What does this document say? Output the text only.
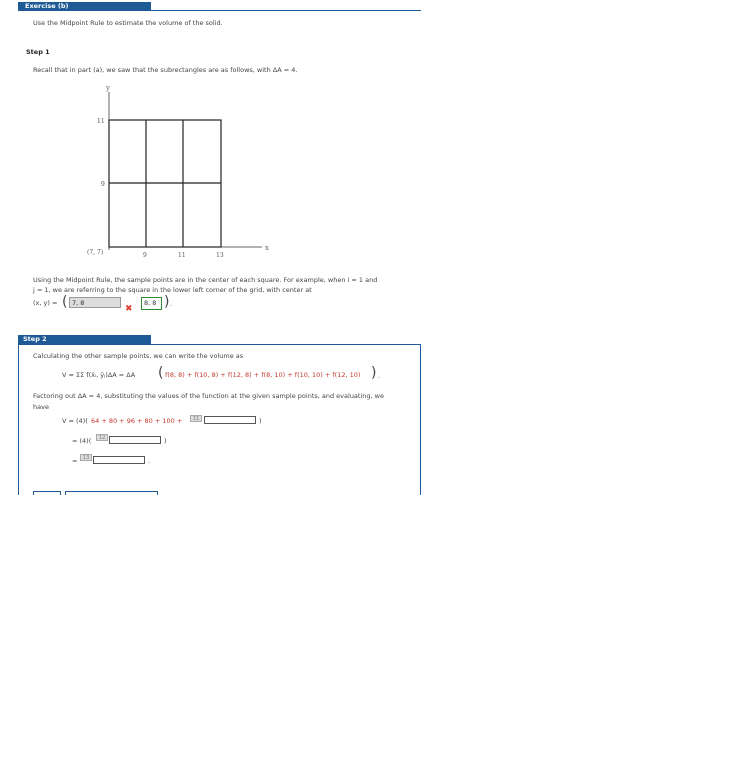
Exercise (b)
Use the Midpoint Rule to estimate the volume of the solid.
Step 1
Recall that in part (a), we saw that the subrectangles are as follows, with ΔA = 4.
y
x
11
9
(7, 7)	9	11	13
Using the Midpoint Rule, the sample points are in the center of each square. For example, when i = 1 and
j = 1, we are referring to the square in the lower left corner of the grid, with center at
(x, y) = ( 7, 8
✖
8, 8 ) .
Step 2
Calculating the other sample points, we can write the volume as
V ≈ ΣΣ f(x̄ᵢ, ȳⱼ)ΔA = ΔA ( f(8, 8) + f(10, 8) + f(12, 8) + f(8, 10) + f(10, 10) + f(12, 10) ) .
Factoring out ΔA = 4, substituting the values of the function at the given sample points, and evaluating, we
have
V ≈ (4)( 64 + 80 + 96 + 80 + 100 +	11	)
= (4)(	12	)
=	13	.
